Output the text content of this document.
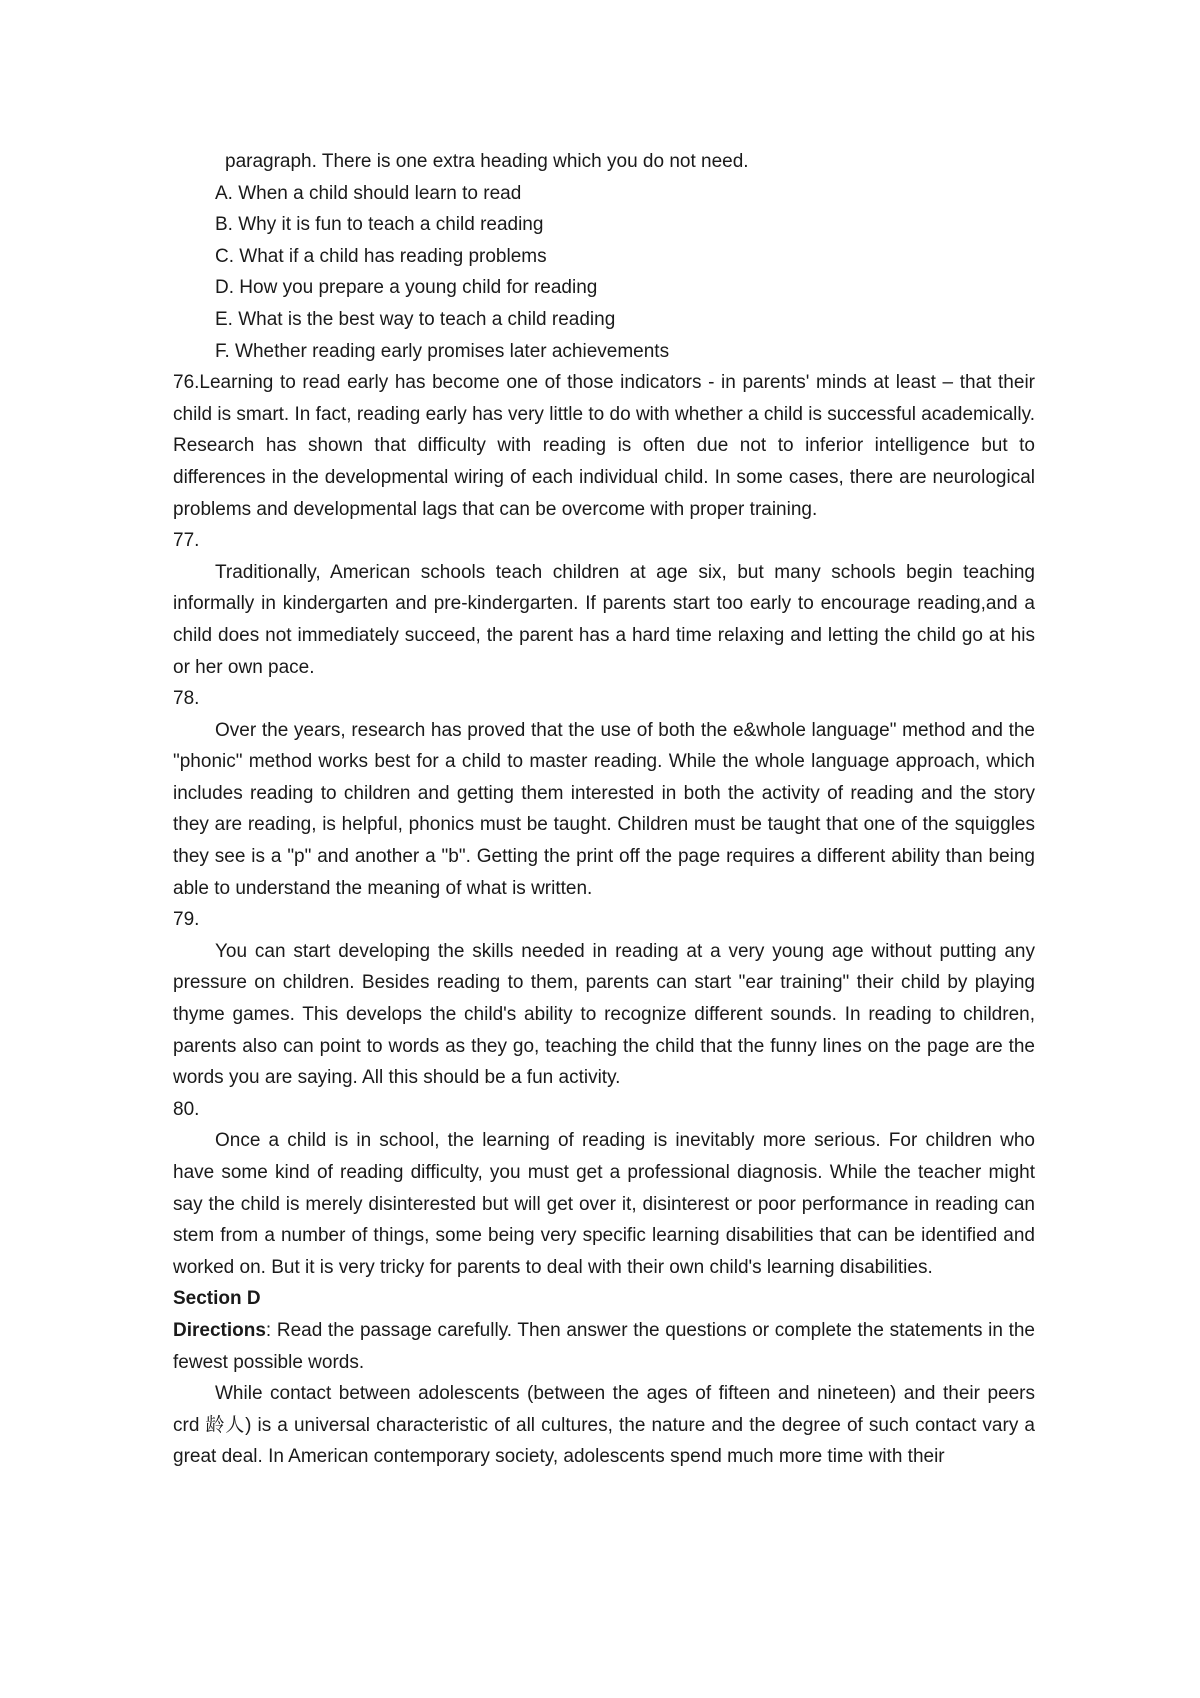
paragraph. There is one extra heading which you do not need.

A. When a child should learn to read

B. Why it is fun to teach a child reading

C. What if a child has reading problems

D. How you prepare a young child for reading

E. What is the best way to teach a child reading

F. Whether reading early promises later achievements

76.Learning to read early has become one of those indicators - in parents' minds at least – that their child is smart. In fact, reading early has very little to do with whether a child is successful academically. Research has shown that difficulty with reading is often due not to inferior intelligence but to differences in the developmental wiring of each individual child. In some cases, there are neurological problems and developmental lags that can be overcome with proper training.

77.

Traditionally, American schools teach children at age six, but many schools begin teaching informally in kindergarten and pre-kindergarten. If parents start too early to encourage reading,and a child does not immediately succeed, the parent has a hard time relaxing and letting the child go at his or her own pace.

78.

Over the years, research has proved that the use of both the e&whole language" method and the "phonic" method works best for a child to master reading. While the whole language approach, which includes reading to children and getting them interested in both the activity of reading and the story they are reading, is helpful, phonics must be taught. Children must be taught that one of the squiggles they see is a "p" and another a "b". Getting the print off the page requires a different ability than being able to understand the meaning of what is written.

79.

You can start developing the skills needed in reading at a very young age without putting any pressure on children. Besides reading to them, parents can start "ear training" their child by playing thyme games. This develops the child's ability to recognize different sounds. In reading to children, parents also can point to words as they go, teaching the child that the funny lines on the page are the words you are saying. All this should be a fun activity.

80.

Once a child is in school, the learning of reading is inevitably more serious. For children who have some kind of reading difficulty, you must get a professional diagnosis. While the teacher might say the child is merely disinterested but will get over it, disinterest or poor performance in reading can stem from a number of things, some being very specific learning disabilities that can be identified and worked on. But it is very tricky for parents to deal with their own child's learning disabilities.

Section D

Directions: Read the passage carefully. Then answer the questions or complete the statements in the fewest possible words.

While contact between adolescents (between the ages of fifteen and nineteen) and their peers crd 龄人) is a universal characteristic of all cultures, the nature and the degree of such contact vary a great deal. In American contemporary society, adolescents spend much more time with their
